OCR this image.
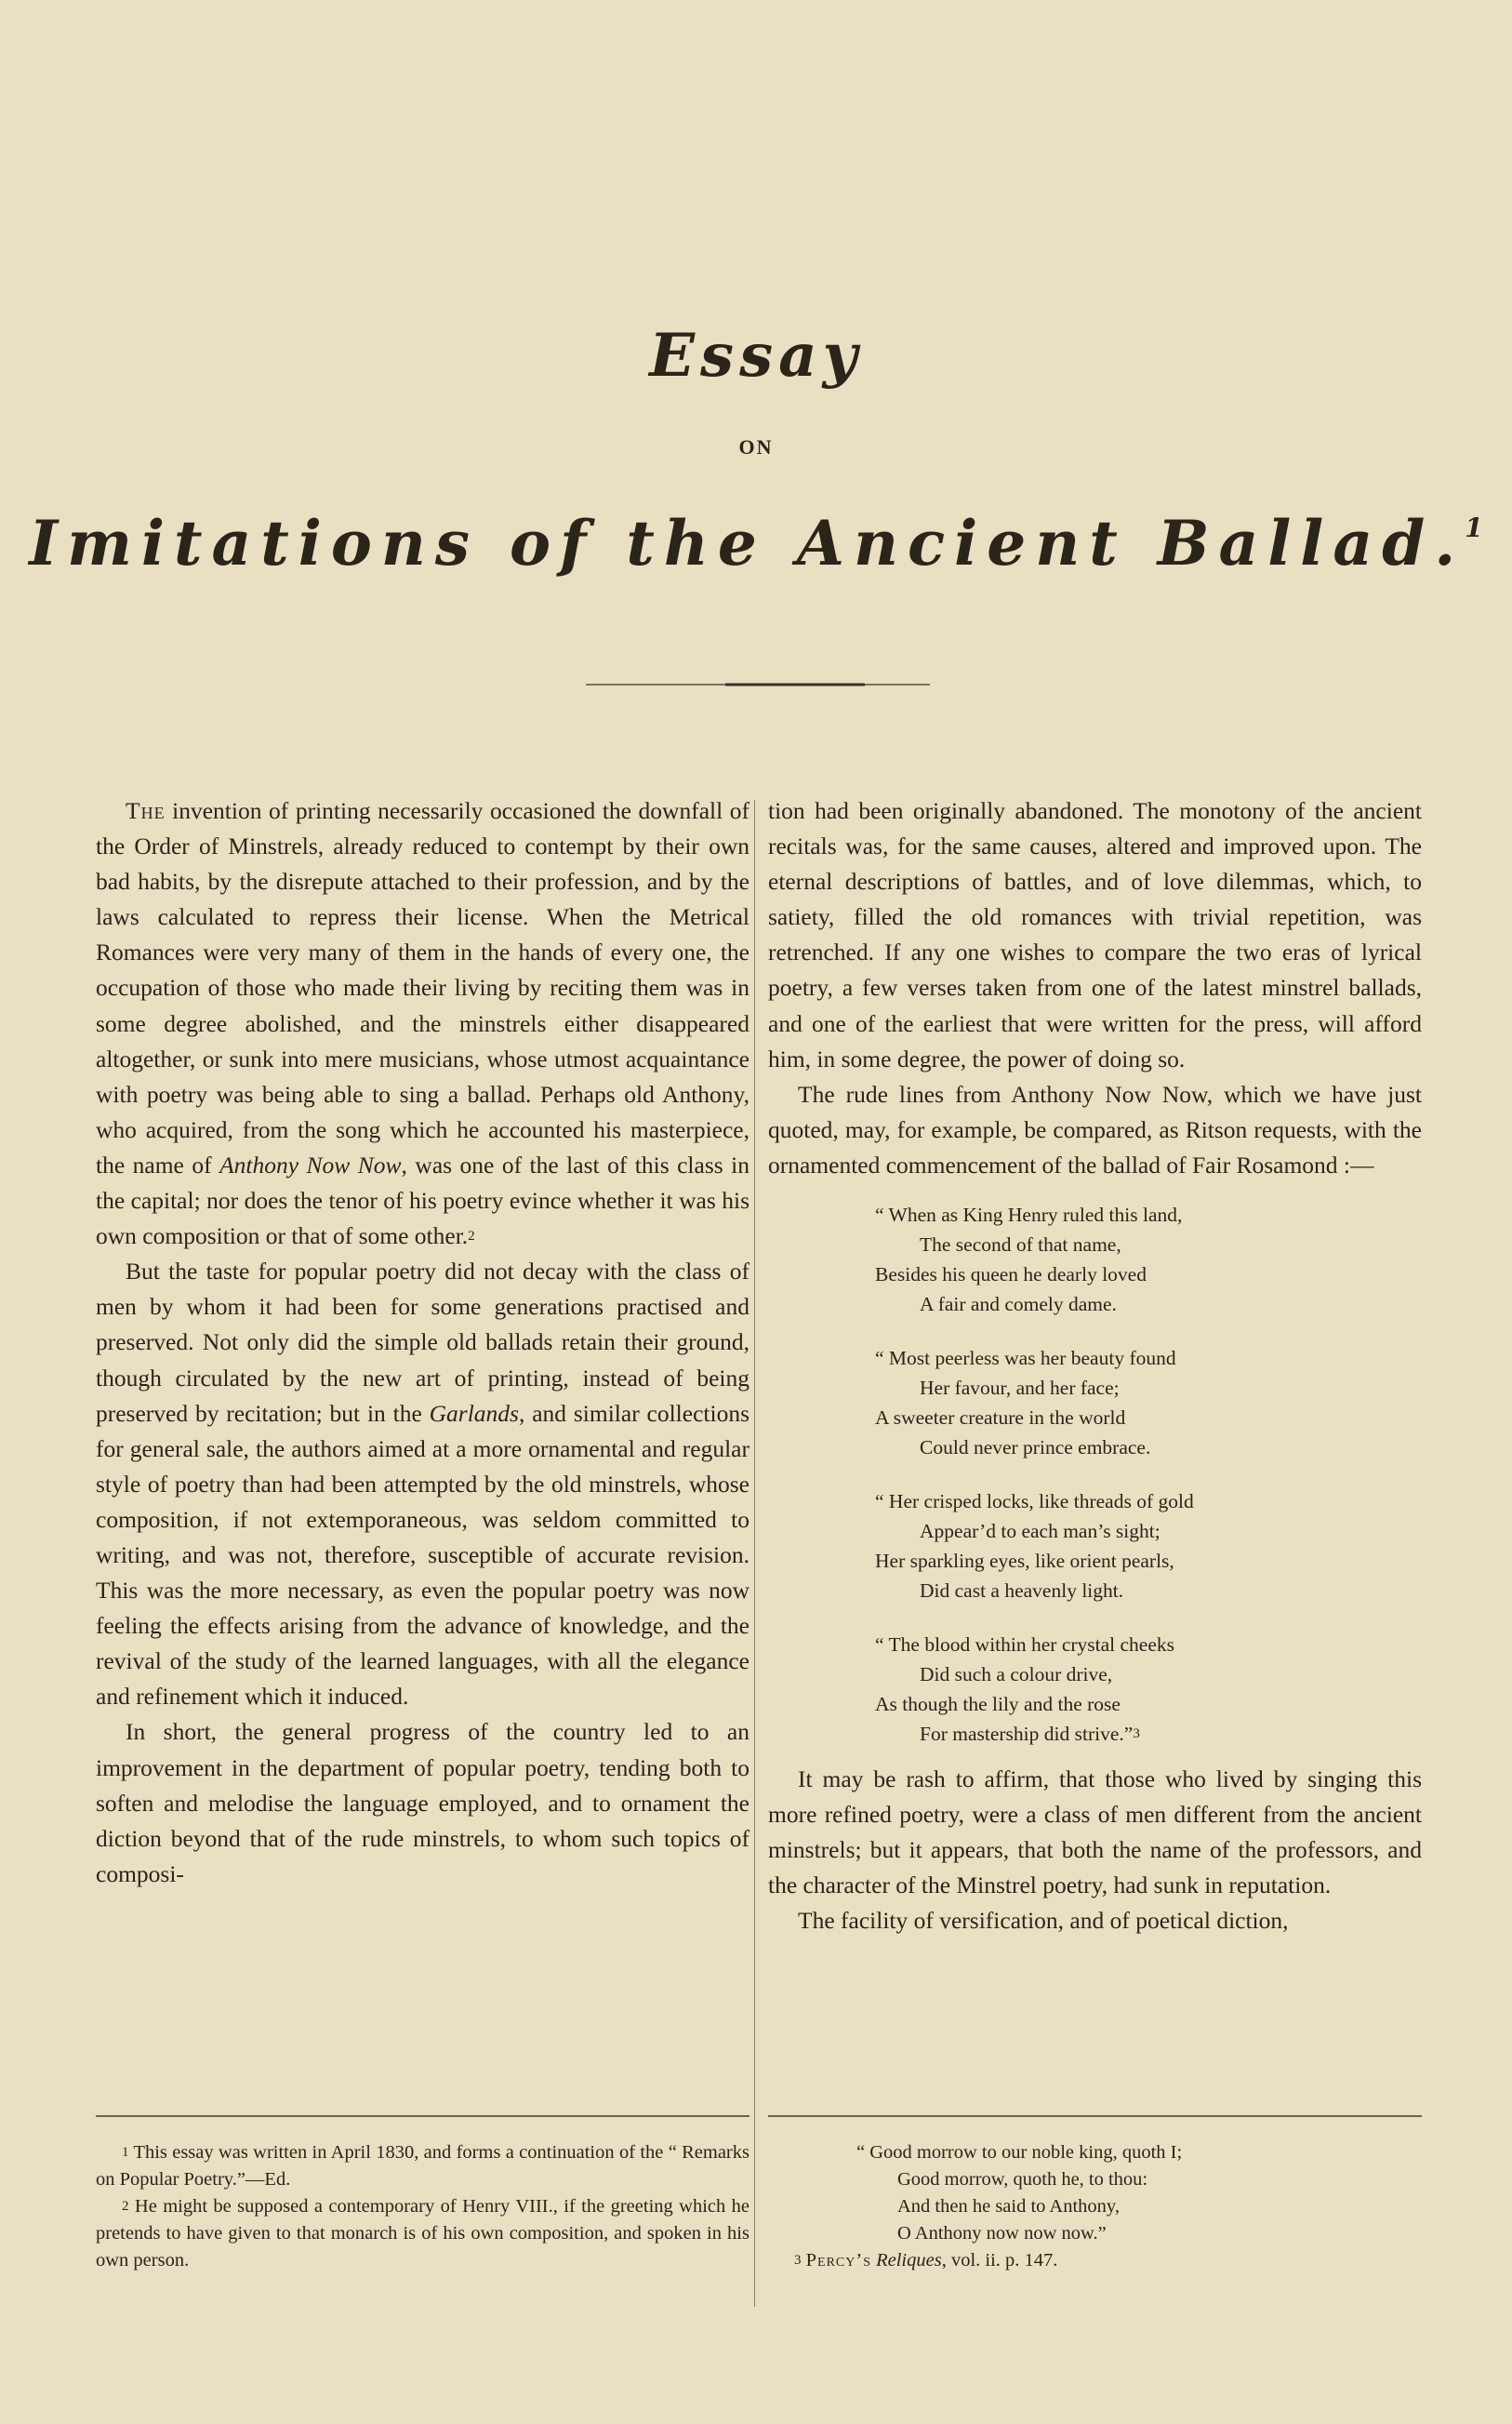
Essay
ON
Imitations of the Ancient Ballad.$^1$

The invention of printing necessarily occasioned the downfall of the Order of Minstrels, already reduced to contempt by their own bad habits, by the disrepute attached to their profession, and by the laws calculated to repress their license. When the Metrical Romances were very many of them in the hands of every one, the occupation of those who made their living by reciting them was in some degree abolished, and the minstrels either disappeared altogether, or sunk into mere musicians, whose utmost acquaintance with poetry was being able to sing a ballad. Perhaps old Anthony, who acquired, from the song which he accounted his masterpiece, the name of Anthony Now Now, was one of the last of this class in the capital; nor does the tenor of his poetry evince whether it was his own composition or that of some other.$^2$

But the taste for popular poetry did not decay with the class of men by whom it had been for some generations practised and preserved. Not only did the simple old ballads retain their ground, though circulated by the new art of printing, instead of being preserved by recitation; but in the Garlands, and similar collections for general sale, the authors aimed at a more ornamental and regular style of poetry than had been attempted by the old minstrels, whose composition, if not extemporaneous, was seldom committed to writing, and was not, therefore, susceptible of accurate revision. This was the more necessary, as even the popular poetry was now feeling the effects arising from the advance of knowledge, and the revival of the study of the learned languages, with all the elegance and refinement which it induced.

In short, the general progress of the country led to an improvement in the department of popular poetry, tending both to soften and melodise the language employed, and to ornament the diction beyond that of the rude minstrels, to whom such topics of composi-

tion had been originally abandoned. The monotony of the ancient recitals was, for the same causes, altered and improved upon. The eternal descriptions of battles, and of love dilemmas, which, to satiety, filled the old romances with trivial repetition, was retrenched. If any one wishes to compare the two eras of lyrical poetry, a few verses taken from one of the latest minstrel ballads, and one of the earliest that were written for the press, will afford him, in some degree, the power of doing so.

The rude lines from Anthony Now Now, which we have just quoted, may, for example, be compared, as Ritson requests, with the ornamented commencement of the ballad of Fair Rosamond :—

“ When as King Henry ruled this land,
The second of that name,
Besides his queen he dearly loved
A fair and comely dame.
“ Most peerless was her beauty found
Her favour, and her face;
A sweeter creature in the world
Could never prince embrace.
“ Her crisped locks, like threads of gold
Appear’d to each man’s sight;
Her sparkling eyes, like orient pearls,
Did cast a heavenly light.
“ The blood within her crystal cheeks
Did such a colour drive,
As though the lily and the rose
For mastership did strive.”$^3$

It may be rash to affirm, that those who lived by singing this more refined poetry, were a class of men different from the ancient minstrels; but it appears, that both the name of the professors, and the character of the Minstrel poetry, had sunk in reputation.

The facility of versification, and of poetical diction,

$^1$ This essay was written in April 1830, and forms a continuation of the “ Remarks on Popular Poetry.”—Ed.

$^2$ He might be supposed a contemporary of Henry VIII., if the greeting which he pretends to have given to that monarch is of his own composition, and spoken in his own person.

“ Good morrow to our noble king, quoth I;
Good morrow, quoth he, to thou:
And then he said to Anthony,
O Anthony now now now.”

$^3$ Percy’s Reliques, vol. ii. p. 147.
